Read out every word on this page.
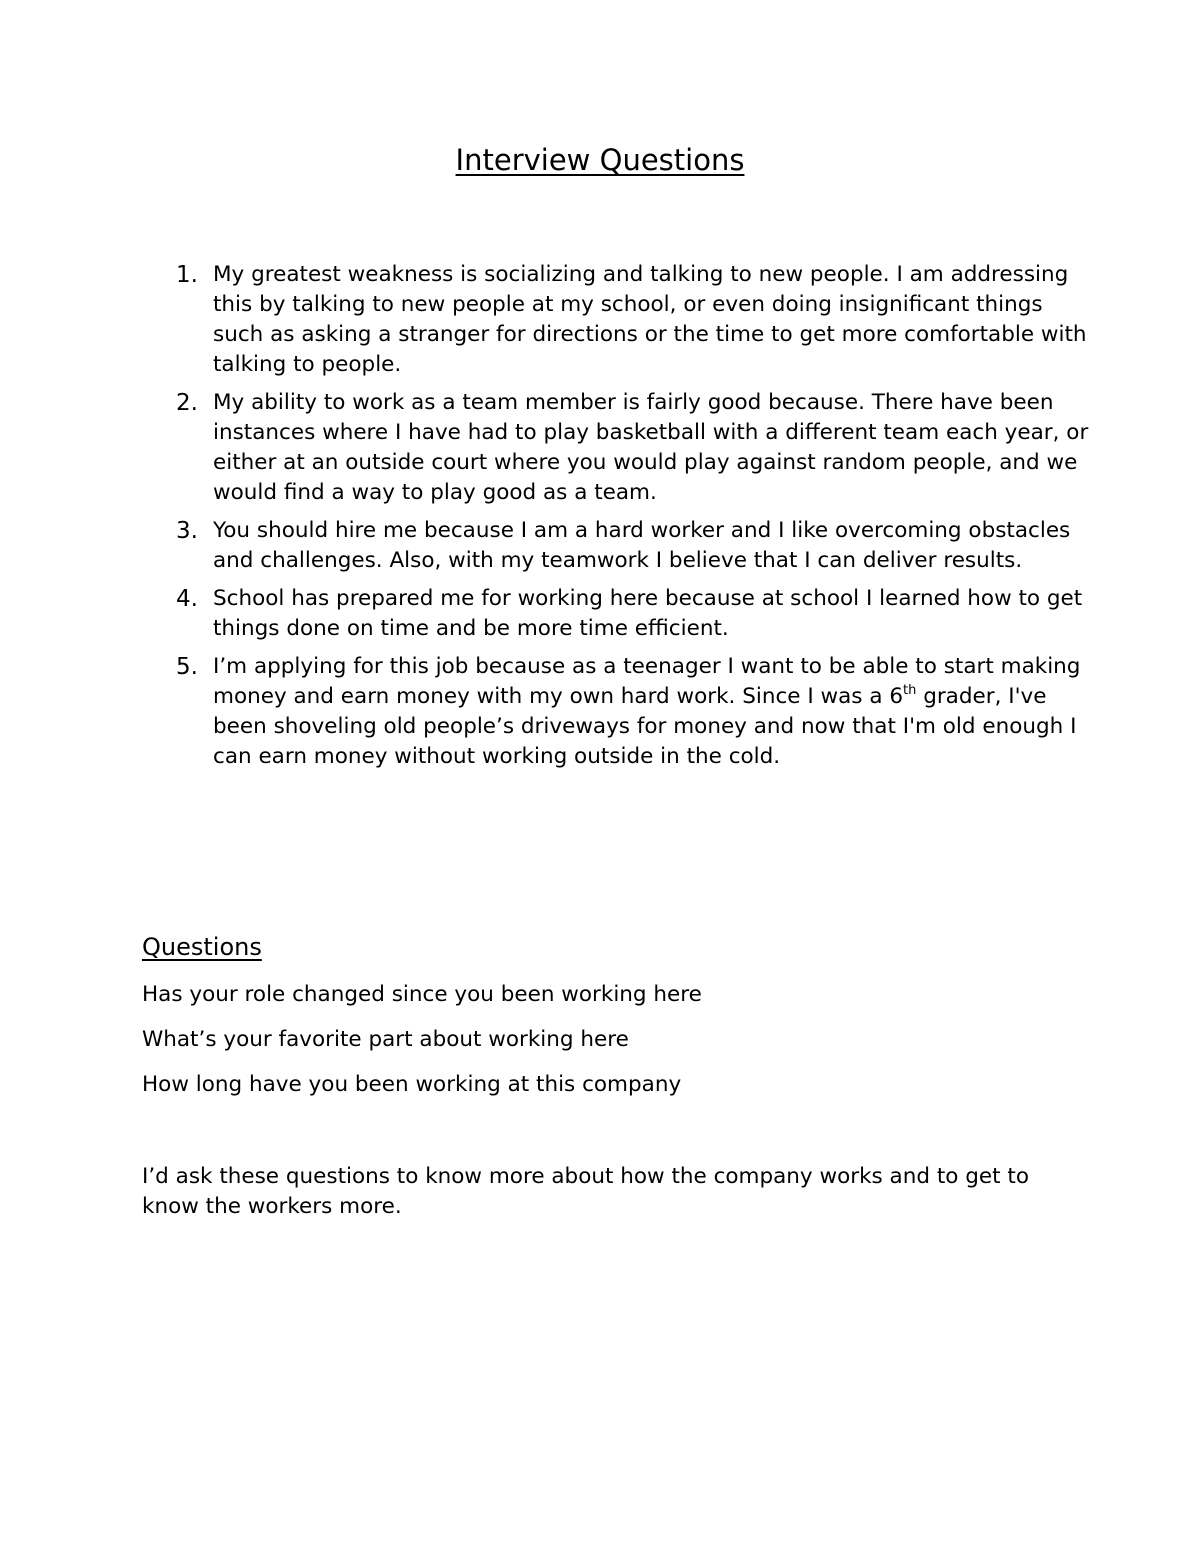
Interview Questions
1. My greatest weakness is socializing and talking to new people. I am addressing this by talking to new people at my school, or even doing insignificant things such as asking a stranger for directions or the time to get more comfortable with talking to people.
2. My ability to work as a team member is fairly good because. There have been instances where I have had to play basketball with a different team each year, or either at an outside court where you would play against random people, and we would find a way to play good as a team.
3. You should hire me because I am a hard worker and I like overcoming obstacles and challenges. Also, with my teamwork I believe that I can deliver results.
4. School has prepared me for working here because at school I learned how to get things done on time and be more time efficient.
5. I’m applying for this job because as a teenager I want to be able to start making money and earn money with my own hard work. Since I was a 6th grader, I've been shoveling old people’s driveways for money and now that I'm old enough I can earn money without working outside in the cold.
Questions
Has your role changed since you been working here
What’s your favorite part about working here
How long have you been working at this company

I’d ask these questions to know more about how the company works and to get to know the workers more.
